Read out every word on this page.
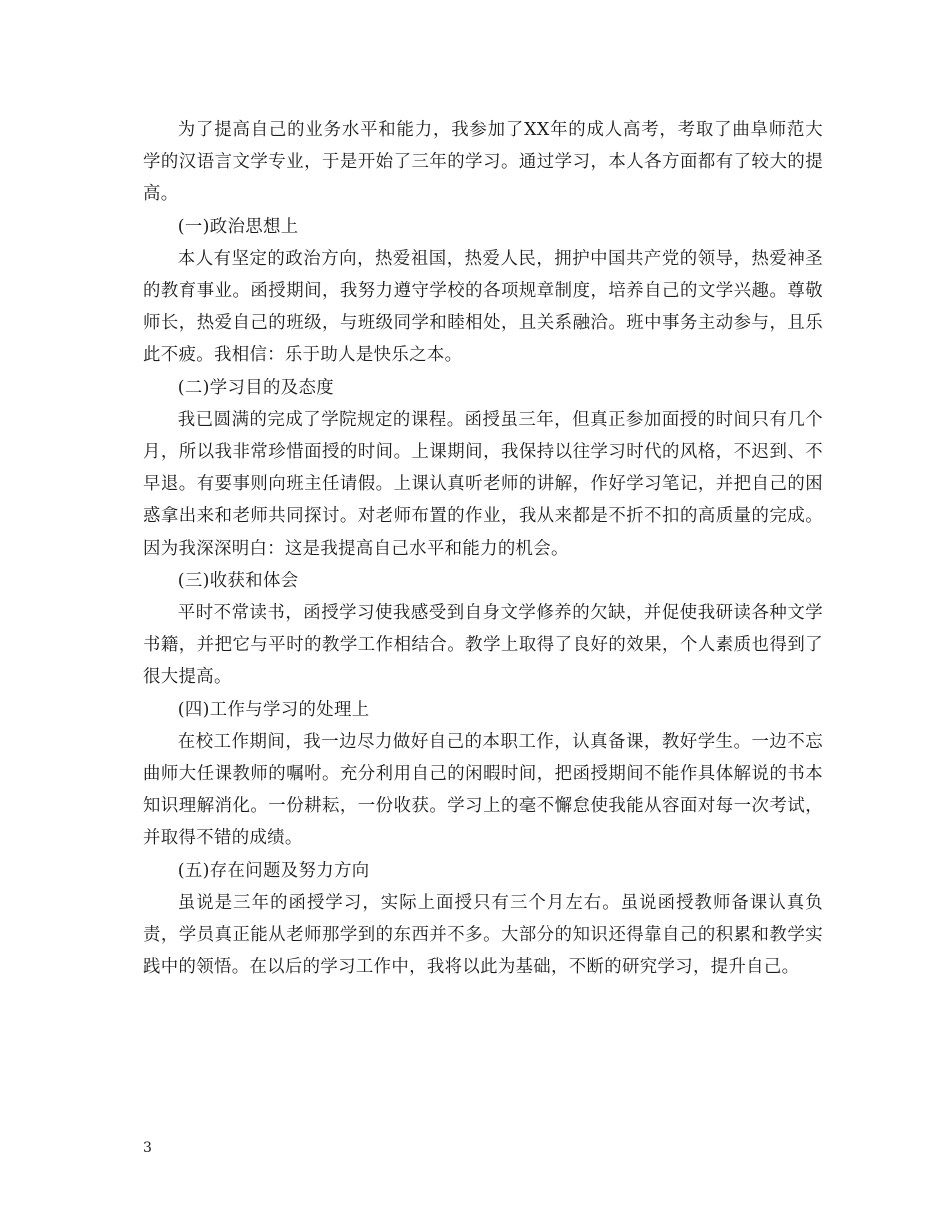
为了提高自己的业务水平和能力，我参加了XX年的成人高考，考取了曲阜师范大学的汉语言文学专业，于是开始了三年的学习。通过学习，本人各方面都有了较大的提高。

(一)政治思想上

本人有坚定的政治方向，热爱祖国，热爱人民，拥护中国共产党的领导，热爱神圣的教育事业。函授期间，我努力遵守学校的各项规章制度，培养自己的文学兴趣。尊敬师长，热爱自己的班级，与班级同学和睦相处，且关系融洽。班中事务主动参与，且乐此不疲。我相信：乐于助人是快乐之本。

(二)学习目的及态度

我已圆满的完成了学院规定的课程。函授虽三年，但真正参加面授的时间只有几个月，所以我非常珍惜面授的时间。上课期间，我保持以往学习时代的风格，不迟到、不早退。有要事则向班主任请假。上课认真听老师的讲解，作好学习笔记，并把自己的困惑拿出来和老师共同探讨。对老师布置的作业，我从来都是不折不扣的高质量的完成。因为我深深明白：这是我提高自己水平和能力的机会。

(三)收获和体会

平时不常读书，函授学习使我感受到自身文学修养的欠缺，并促使我研读各种文学书籍，并把它与平时的教学工作相结合。教学上取得了良好的效果，个人素质也得到了很大提高。

(四)工作与学习的处理上

在校工作期间，我一边尽力做好自己的本职工作，认真备课，教好学生。一边不忘曲师大任课教师的嘱咐。充分利用自己的闲暇时间，把函授期间不能作具体解说的书本知识理解消化。一份耕耘，一份收获。学习上的毫不懈怠使我能从容面对每一次考试，并取得不错的成绩。

(五)存在问题及努力方向

虽说是三年的函授学习，实际上面授只有三个月左右。虽说函授教师备课认真负责，学员真正能从老师那学到的东西并不多。大部分的知识还得靠自己的积累和教学实践中的领悟。在以后的学习工作中，我将以此为基础，不断的研究学习，提升自己。

3
